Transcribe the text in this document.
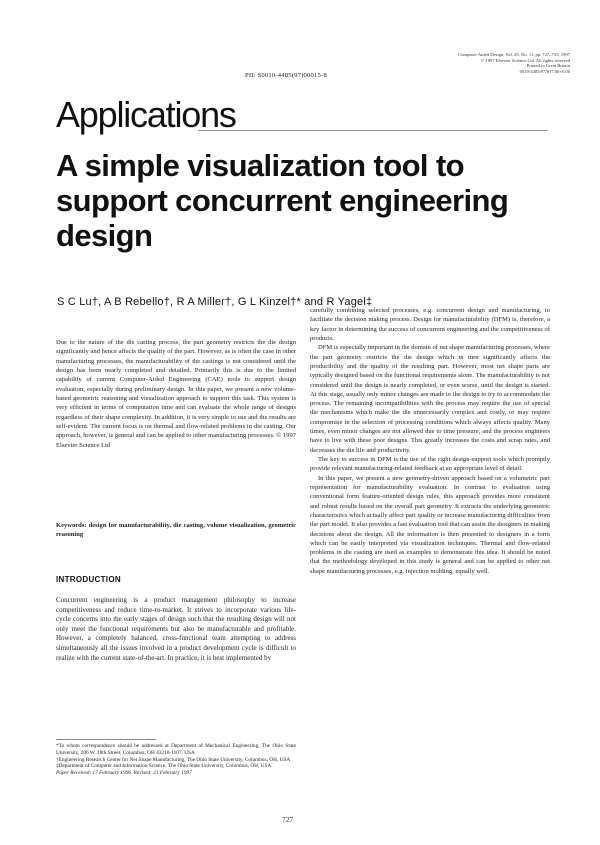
Computer-Aided Design, Vol. 29, No. 11, pp. 727–735, 1997
© 1997 Elsevier Science Ltd. All rights reserved
Printed in Great Britain
0010-4485/97/$17.00+0.00
PII: S0010-4485(97)00015-8
Applications
A simple visualization tool to support concurrent engineering design
S C Lu†, A B Rebello†, R A Miller†, G L Kinzel†* and R Yagel‡

Due to the nature of the die casting process, the part geometry restricts the die design significantly and hence affects the quality of the part. However, as is often the case in other manufacturing processes, the manufacturability of the castings is not considered until the design has been nearly completed and detailed. Primarily this is due to the limited capability of current Computer-Aided Engineering (CAE) tools to support design evaluation, especially during preliminary design. In this paper, we present a new volume-based geometric reasoning and visualization approach to support this task. This system is very efficient in terms of computation time and can evaluate the whole range of designs regardless of their shape complexity. In addition, it is very simple to use and the results are self-evident. The current focus is on thermal and flow-related problems in die casting. Our approach, however, is general and can be applied to other manufacturing processes. © 1997 Elsevier Science Ltd

Keywords: design for manufacturability, die casting, volume visualization, geometric reasoning

INTRODUCTION

Concurrent engineering is a product management philosophy to increase competitiveness and reduce time-to-market. It strives to incorporate various life-cycle concerns into the early stages of design such that the resulting design will not only meet the functional requirements but also be manufacturable and profitable. However, a completely balanced, cross-functional team attempting to address simultaneously all the issues involved in a product development cycle is difficult to realize with the current state-of-the-art. In practice, it is best implemented by

*To whom correspondence should be addressed at Department of Mechanical Engineering, The Ohio State University, 206 W. 18th Street, Columbus, OH 43210-1107, USA
†Engineering Research Center for Net Shape Manufacturing, The Ohio State University, Columbus, OH, USA
‡Department of Computer and Information Science, The Ohio State University, Columbus, OH, USA
Paper Received: 17 February 1996. Revised: 21 February 1997

carefully combining selected processes, e.g. concurrent design and manufacturing, to facilitate the decision making process. Design for manufacturability (DFM) is, therefore, a key factor in determining the success of concurrent engineering and the competitiveness of products.

DFM is especially important in the domain of net shape manufacturing processes, where the part geometry restricts the die design which in turn significantly affects the producibility and the quality of the resulting part. However, most net shape parts are typically designed based on the functional requirements alone. The manufacturability is not considered until the design is nearly completed, or even worse, until the design is started. At this stage, usually only minor changes are made to the design to try to accommodate the process. The remaining incompatibilities with the process may require the use of special die mechanisms which make the die unnecessarily complex and costly, or may require compromise in the selection of processing conditions which always affects quality. Many times, even minor changes are not allowed due to time pressure, and the process engineers have to live with these poor designs. This greatly increases the costs and scrap rates, and decreases the die life and productivity.

The key to success in DFM is the use of the right design-support tools which promptly provide relevant manufacturing-related feedback at an appropriate level of detail.

In this paper, we present a new geometry-driven approach based on a volumetric part representation for manufacturability evaluation. In contrast to evaluation using conventional form feature-oriented design rules, this approach provides more consistent and robust results based on the overall part geometry. It extracts the underlying geometric characteristics which actually affect part quality or increase manufacturing difficulties from the part model. It also provides a fast evaluation tool that can assist the designers in making decisions about die design. All the information is then presented to designers in a form which can be easily interpreted via visualization techniques. Thermal and flow-related problems in die casting are used as examples to demonstrate this idea. It should be noted that the methodology developed in this study is general and can be applied to other net shape manufacturing processes, e.g. injection molding, equally well.

727
